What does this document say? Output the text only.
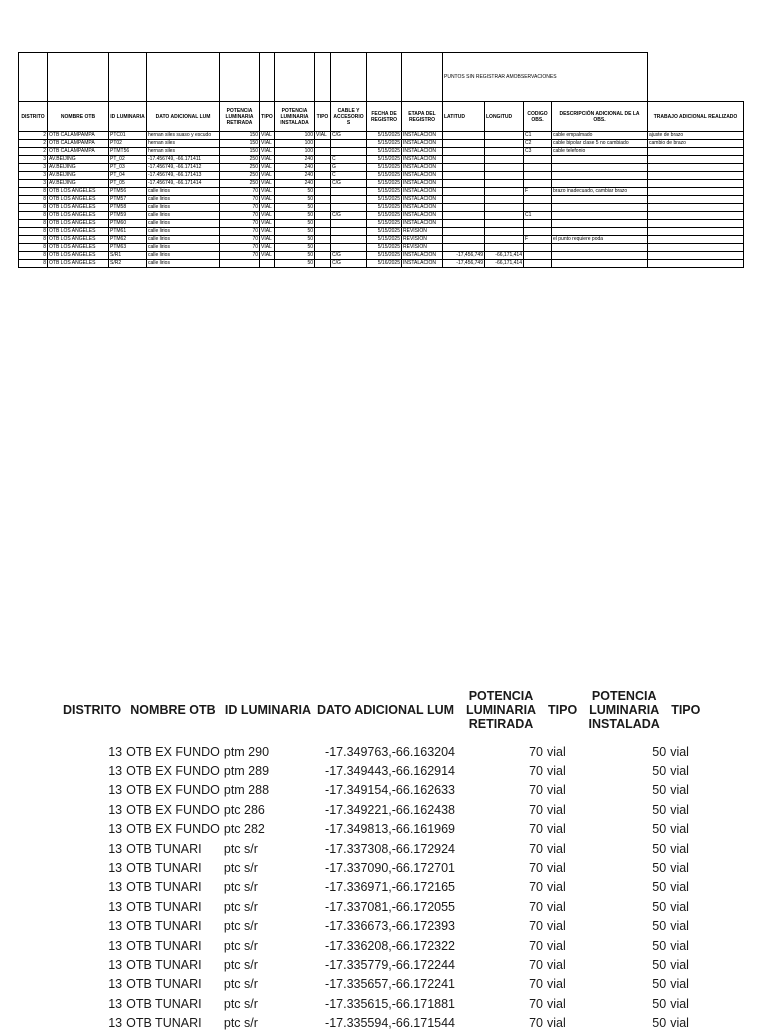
											PUNTOS SIN REGISTRAR AMOBSERVACIONES				
DISTRITO	NOMBRE OTB	ID LUMINARIA	DATO ADICIONAL LUM	POTENCIA LUMINARIA RETIRADA	TIPO	POTENCIA LUMINARIA INSTALADA	TIPO	CABLE Y ACCESORIO S	FECHA DE REGISTRO	ETAPA DEL REGISTRO	LATITUD	LONGITUD	CODIGO OBS.	DESCRIPCIÓN ADICIONAL DE LA OBS.	TRABAJO ADICIONAL REALIZADO
2	OTB CALAMPAMPA	PTC01	hernan siles suaso y escudo	150	VIAL	100	VIAL	C/G	5/15/2025	INSTALACION			C1	cable empalmado	ajuste de brazo
2	OTB CALAMPAMPA	PT02	hernan siles	150	VIAL	100			5/15/2025	INSTALACION			C2	cable bipolar clase 5 no cambiado	cambio de brazo
2	OTB CALAMPAMPA	PTMT56	hernan siles	150	VIAL	100			5/15/2025	INSTALACION			C3	cable telefonio	
3	AV.BEIJING	PT_02	-17.456749, -66.171411	250	VIAL	240		C	5/15/2025	INSTALACION					
3	AV.BEIJING	PT_03	-17.456749, -66.171412	250	VIAL	240		G	5/15/2025	INSTALACION					
3	AV.BEIJING	PT_04	-17.456749, -66.171413	250	VIAL	240		C	5/15/2025	INSTALACION					
3	AV.BEIJING	PT_05	-17.456749, -66.171414	250	VIAL	240		C/G	5/15/2025	INSTALACION					
8	OTB LOS ANGELES	PTM56	calle lirios	70	VIAL	50			5/15/2025	INSTALACION			F	brazo inadecuado, cambiar brazo	
8	OTB LOS ANGELES	PTM57	calle lirios	70	VIAL	50			5/15/2025	INSTALACION					
8	OTB LOS ANGELES	PTM58	calle lirios	70	VIAL	50			5/15/2025	INSTALACION					
8	OTB LOS ANGELES	PTM59	calle lirios	70	VIAL	50		C/G	5/15/2025	INSTALACION			C1		
8	OTB LOS ANGELES	PTM60	calle lirios	70	VIAL	50			5/15/2025	INSTALACION					
8	OTB LOS ANGELES	PTM61	calle lirios	70	VIAL	50			5/15/2025	REVISION					
8	OTB LOS ANGELES	PTM62	calle lirios	70	VIAL	50			5/15/2025	REVISION			F	el punto requiere poda	
8	OTB LOS ANGELES	PTM63	calle lirios	70	VIAL	50			5/15/2025	REVISION					
8	OTB LOS ANGELES	S/R1	calle lirios	70	VIAL	50		C/G	5/15/2025	INSTALACION	-17,456,749	-66,171,414			
8	OTB LOS ANGELES	S/R2	calle lirios			50		C/G	5/16/2025	INSTALACION	-17,456,749	-66,171,414			
DISTRITO	NOMBRE OTB	ID LUMINARIA	DATO ADICIONAL LUM	POTENCIA LUMINARIA RETIRADA	TIPO	POTENCIA LUMINARIA INSTALADA	TIPO

13	OTB EX FUNDO	ptm 290	-17.349763,-66.163204	70	vial	50	vial
13	OTB EX FUNDO	ptm 289	-17.349443,-66.162914	70	vial	50	vial
13	OTB EX FUNDO	ptm 288	-17.349154,-66.162633	70	vial	50	vial
13	OTB EX FUNDO	ptc 286	-17.349221,-66.162438	70	vial	50	vial
13	OTB EX FUNDO	ptc 282	-17.349813,-66.161969	70	vial	50	vial
13	OTB TUNARI	ptc s/r	-17.337308,-66.172924	70	vial	50	vial
13	OTB TUNARI	ptc s/r	-17.337090,-66.172701	70	vial	50	vial
13	OTB TUNARI	ptc s/r	-17.336971,-66.172165	70	vial	50	vial
13	OTB TUNARI	ptc s/r	-17.337081,-66.172055	70	vial	50	vial
13	OTB TUNARI	ptc s/r	-17.336673,-66.172393	70	vial	50	vial
13	OTB TUNARI	ptc s/r	-17.336208,-66.172322	70	vial	50	vial
13	OTB TUNARI	ptc s/r	-17.335779,-66.172244	70	vial	50	vial
13	OTB TUNARI	ptc s/r	-17.335657,-66.172241	70	vial	50	vial
13	OTB TUNARI	ptc s/r	-17.335615,-66.171881	70	vial	50	vial
13	OTB TUNARI	ptc s/r	-17.335594,-66.171544	70	vial	50	vial
